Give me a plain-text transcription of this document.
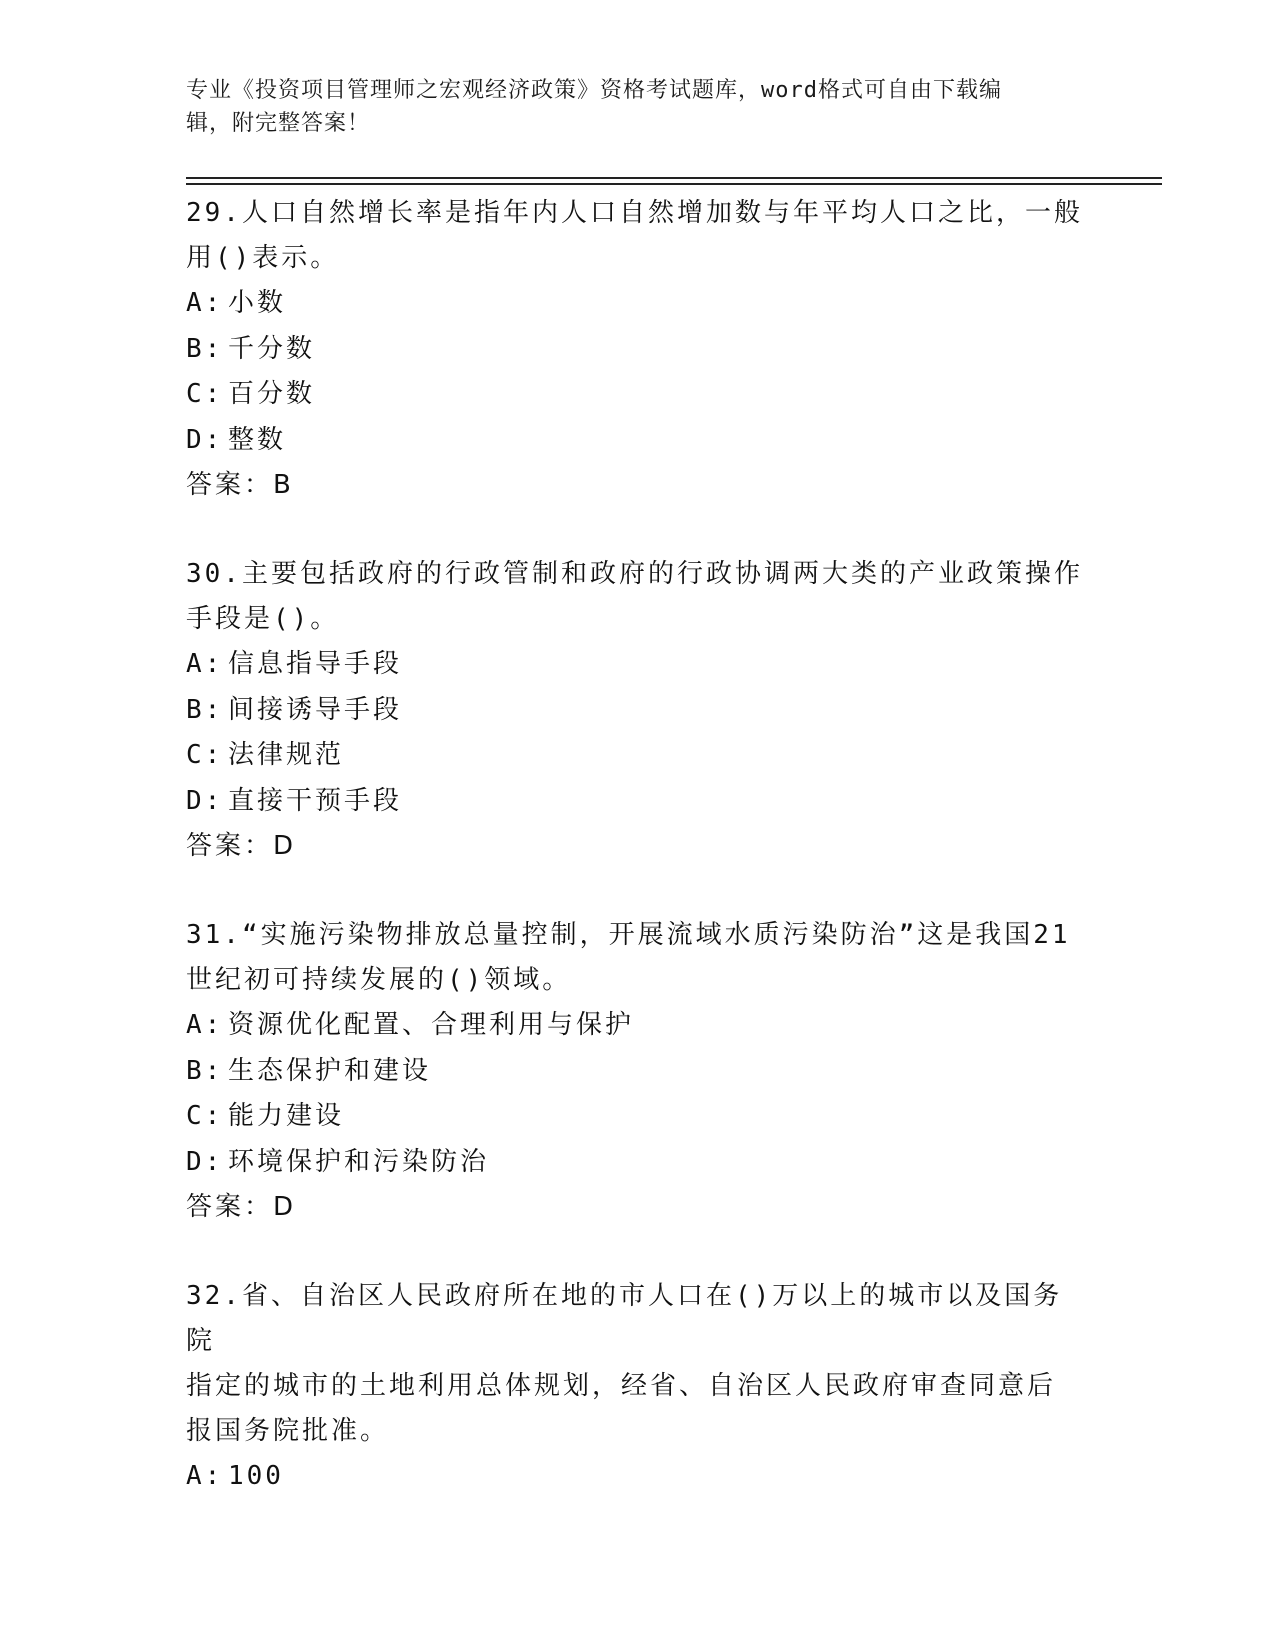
专业《投资项目管理师之宏观经济政策》资格考试题库，word格式可自由下载编
辑，附完整答案！

29.人口自然增长率是指年内人口自然增加数与年平均人口之比，一般
用()表示。

A: 小数

B: 千分数

C: 百分数

D: 整数

答案：B

30.主要包括政府的行政管制和政府的行政协调两大类的产业政策操作
手段是()。

A: 信息指导手段

B: 间接诱导手段

C: 法律规范

D: 直接干预手段

答案：D

31.“实施污染物排放总量控制，开展流域水质污染防治”这是我国21
世纪初可持续发展的()领域。

A: 资源优化配置、合理利用与保护

B: 生态保护和建设

C: 能力建设

D: 环境保护和污染防治

答案：D

32.省、自治区人民政府所在地的市人口在()万以上的城市以及国务院
指定的城市的土地利用总体规划，经省、自治区人民政府审查同意后
报国务院批准。

A: 100
